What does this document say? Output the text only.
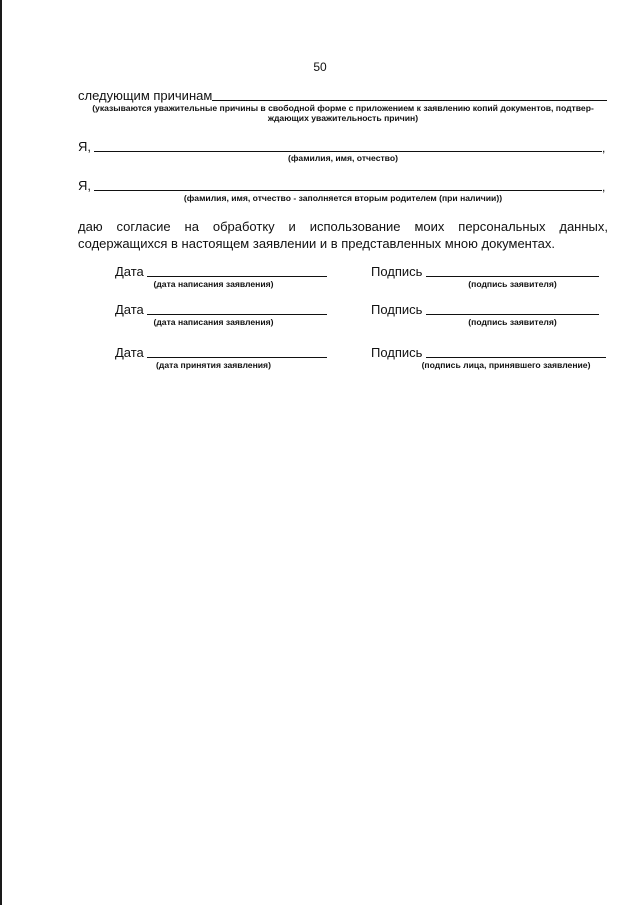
50
следующим причинам
(указываются уважительные причины в свободной форме с приложением к заявлению копий документов, подтвер-
ждающих уважительность причин)
Я,	,
(фамилия, имя, отчество)
Я,	,
(фамилия, имя, отчество - заполняется вторым родителем (при наличии))
даю согласие на обработку и использование моих персональных данных, содержащихся в настоящем заявлении и в представленных мною документах.
Дата
(дата написания заявления)
Подпись
(подпись заявителя)
Дата
(дата написания заявления)
Подпись
(подпись заявителя)
Дата
(дата принятия заявления)
Подпись
(подпись лица, принявшего заявление)
